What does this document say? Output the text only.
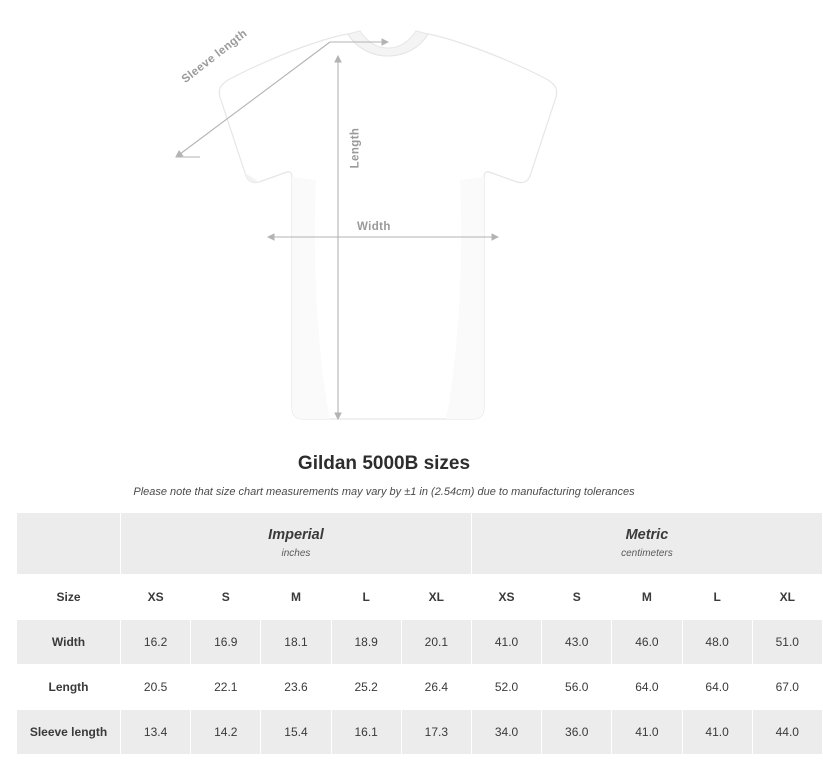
Length
Width
Sleeve length
Gildan 5000B sizes

Please note that size chart measurements may vary by ±1 in (2.54cm) due to manufacturing tolerances

Imperial
inches

Metric
centimeters

Size	XS	S	M	L	XL	XS	S	M	L	XL
Width	16.2	16.9	18.1	18.9	20.1	41.0	43.0	46.0	48.0	51.0
Length	20.5	22.1	23.6	25.2	26.4	52.0	56.0	64.0	64.0	67.0
Sleeve length	13.4	14.2	15.4	16.1	17.3	34.0	36.0	41.0	41.0	44.0
